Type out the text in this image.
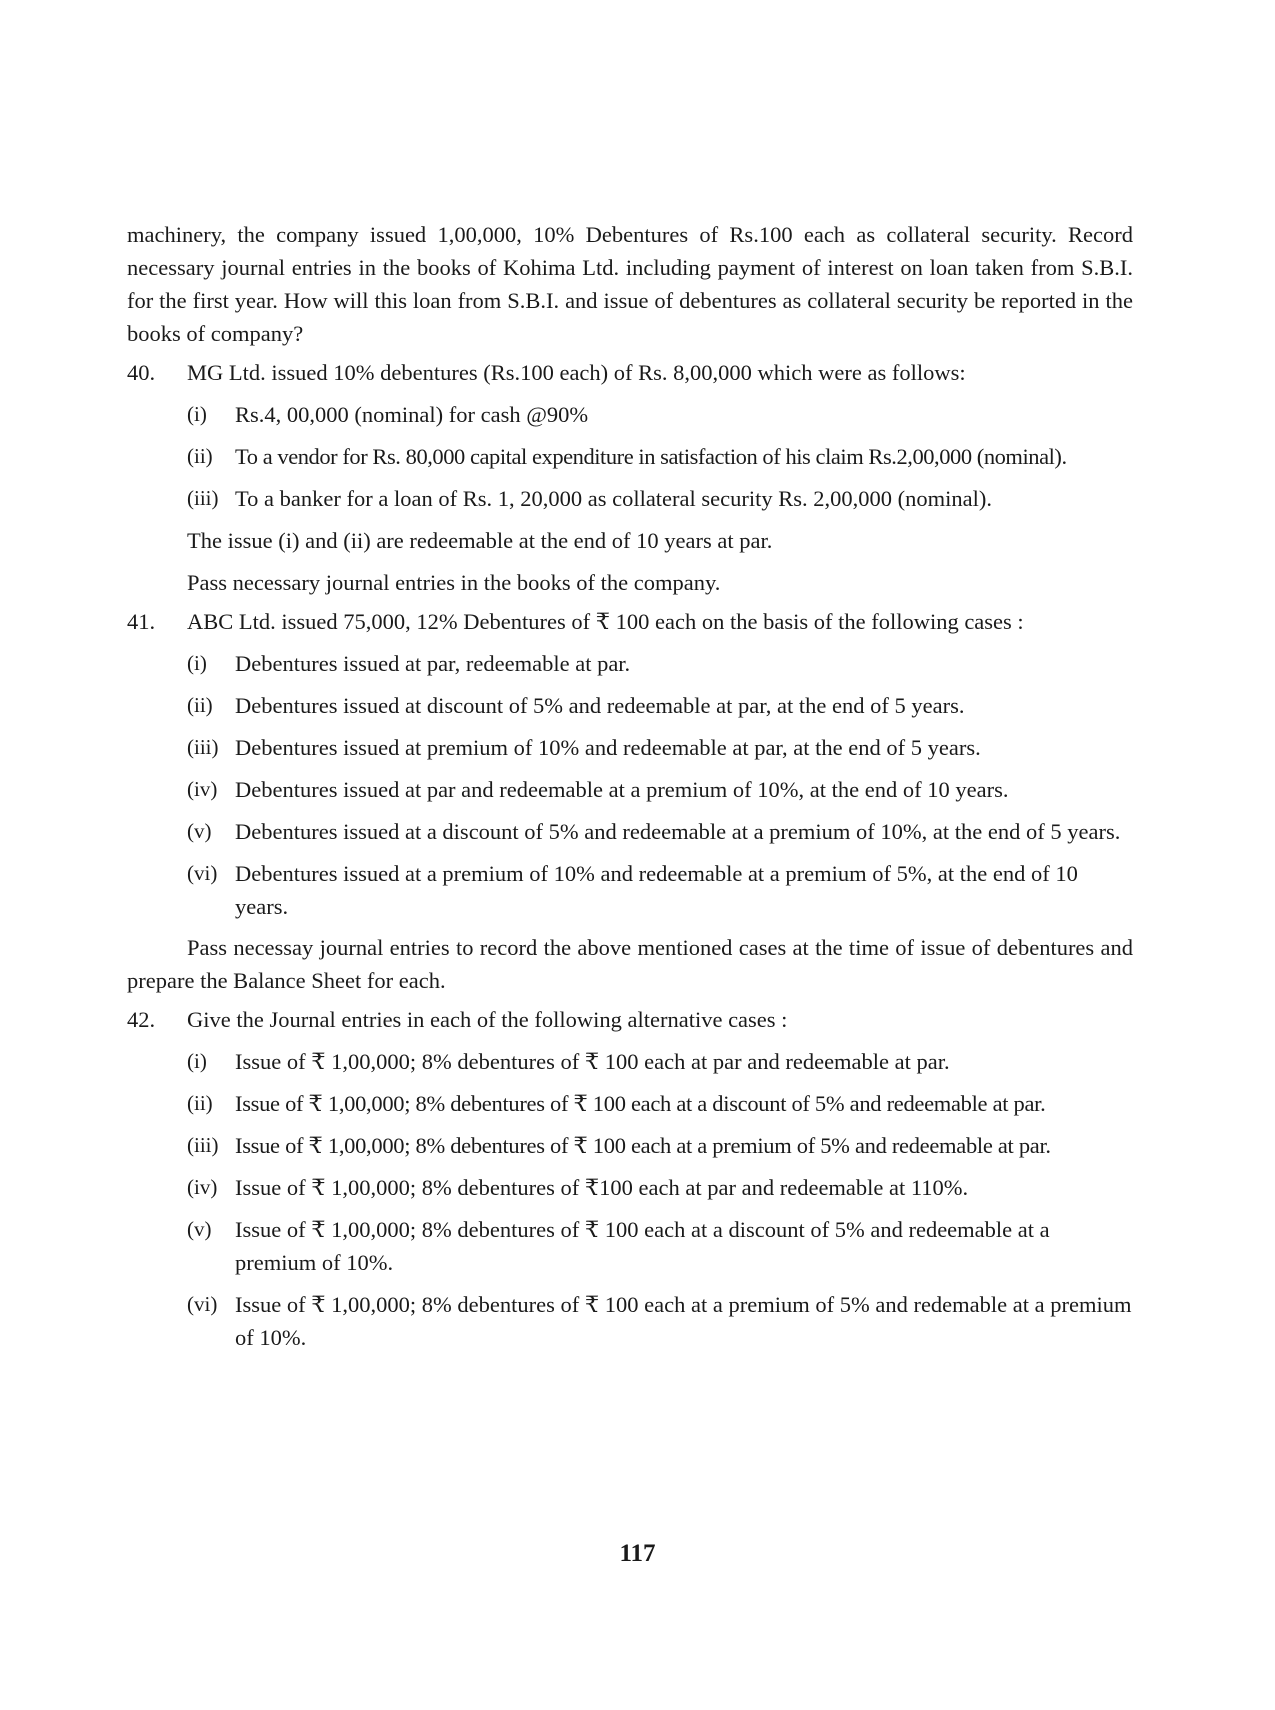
machinery, the company issued 1,00,000, 10% Debentures of Rs.100 each as collateral security. Record necessary journal entries in the books of Kohima Ltd. including payment of interest on loan taken from S.B.I. for the first year. How will this loan from S.B.I. and issue of debentures as collateral security be reported in the books of company?

40. MG Ltd. issued 10% debentures (Rs.100 each) of Rs. 8,00,000 which were as follows:
(i) Rs.4, 00,000 (nominal) for cash @90%
(ii) To a vendor for Rs. 80,000 capital expenditure in satisfaction of his claim Rs.2,00,000 (nominal).
(iii) To a banker for a loan of Rs. 1, 20,000 as collateral security Rs. 2,00,000 (nominal).
The issue (i) and (ii) are redeemable at the end of 10 years at par.
Pass necessary journal entries in the books of the company.
41. ABC Ltd. issued 75,000, 12% Debentures of ₹ 100 each on the basis of the following cases :
(i) Debentures issued at par, redeemable at par.
(ii) Debentures issued at discount of 5% and redeemable at par, at the end of 5 years.
(iii) Debentures issued at premium of 10% and redeemable at par, at the end of 5 years.
(iv) Debentures issued at par and redeemable at a premium of 10%, at the end of 10 years.
(v) Debentures issued at a discount of 5% and redeemable at a premium of 10%, at the end of 5 years.
(vi) Debentures issued at a premium of 10% and redeemable at a premium of 5%, at the end of 10 years.

Pass necessay journal entries to record the above mentioned cases at the time of issue of debentures and prepare the Balance Sheet for each.

42. Give the Journal entries in each of the following alternative cases :
(i) Issue of ₹ 1,00,000; 8% debentures of ₹ 100 each at par and redeemable at par.
(ii) Issue of ₹ 1,00,000; 8% debentures of ₹ 100 each at a discount of 5% and redeemable at par.
(iii) Issue of ₹ 1,00,000; 8% debentures of ₹ 100 each at a premium of 5% and redeemable at par.
(iv) Issue of ₹ 1,00,000; 8% debentures of ₹100 each at par and redeemable at 110%.
(v) Issue of ₹ 1,00,000; 8% debentures of ₹ 100 each at a discount of 5% and redeemable at a premium of 10%.
(vi) Issue of ₹ 1,00,000; 8% debentures of ₹ 100 each at a premium of 5% and redemable at a premium of 10%.
117
